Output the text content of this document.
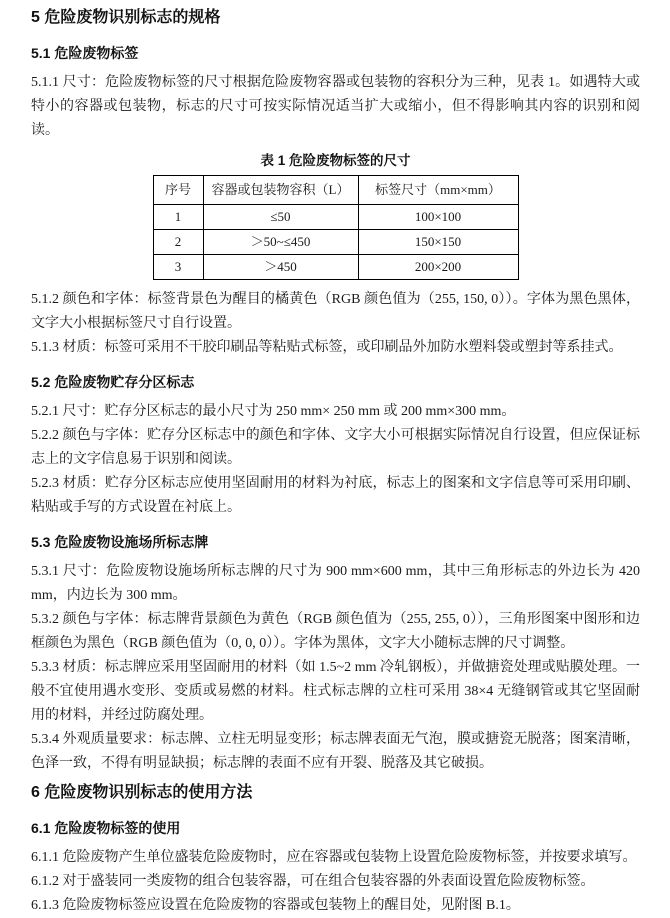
5 危险废物识别标志的规格
5.1 危险废物标签

5.1.1 尺寸：危险废物标签的尺寸根据危险废物容器或包装物的容积分为三种，见表 1。如遇特大或特小的容器或包装物，标志的尺寸可按实际情况适当扩大或缩小，但不得影响其内容的识别和阅读。

表 1 危险废物标签的尺寸
序号	容器或包装物容积（L）	标签尺寸（mm×mm）
1	≤50	100×100
2	＞50~≤450	150×150
3	＞450	200×200

5.1.2 颜色和字体：标签背景色为醒目的橘黄色（RGB 颜色值为（255, 150, 0））。字体为黑色黑体，文字大小根据标签尺寸自行设置。

5.1.3 材质：标签可采用不干胶印刷品等粘贴式标签，或印刷品外加防水塑料袋或塑封等系挂式。

5.2 危险废物贮存分区标志

5.2.1 尺寸：贮存分区标志的最小尺寸为 250 mm× 250 mm 或 200 mm×300 mm。

5.2.2 颜色与字体：贮存分区标志中的颜色和字体、文字大小可根据实际情况自行设置，但应保证标志上的文字信息易于识别和阅读。

5.2.3 材质：贮存分区标志应使用坚固耐用的材料为衬底，标志上的图案和文字信息等可采用印刷、粘贴或手写的方式设置在衬底上。

5.3 危险废物设施场所标志牌

5.3.1 尺寸：危险废物设施场所标志牌的尺寸为 900 mm×600 mm，其中三角形标志的外边长为 420 mm，内边长为 300 mm。

5.3.2 颜色与字体：标志牌背景颜色为黄色（RGB 颜色值为（255, 255, 0）），三角形图案中图形和边框颜色为黑色（RGB 颜色值为（0, 0, 0））。字体为黑体，文字大小随标志牌的尺寸调整。

5.3.3 材质：标志牌应采用坚固耐用的材料（如 1.5~2 mm 冷轧钢板），并做搪瓷处理或贴膜处理。一般不宜使用遇水变形、变质或易燃的材料。柱式标志牌的立柱可采用 38×4 无缝钢管或其它坚固耐用的材料，并经过防腐处理。

5.3.4 外观质量要求：标志牌、立柱无明显变形；标志牌表面无气泡，膜或搪瓷无脱落；图案清晰，色泽一致，不得有明显缺损；标志牌的表面不应有开裂、脱落及其它破损。

6 危险废物识别标志的使用方法
6.1 危险废物标签的使用

6.1.1 危险废物产生单位盛装危险废物时，应在容器或包装物上设置危险废物标签，并按要求填写。

6.1.2 对于盛装同一类废物的组合包装容器，可在组合包装容器的外表面设置危险废物标签。

6.1.3 危险废物标签应设置在危险废物的容器或包装物上的醒目处，见附图 B.1。
